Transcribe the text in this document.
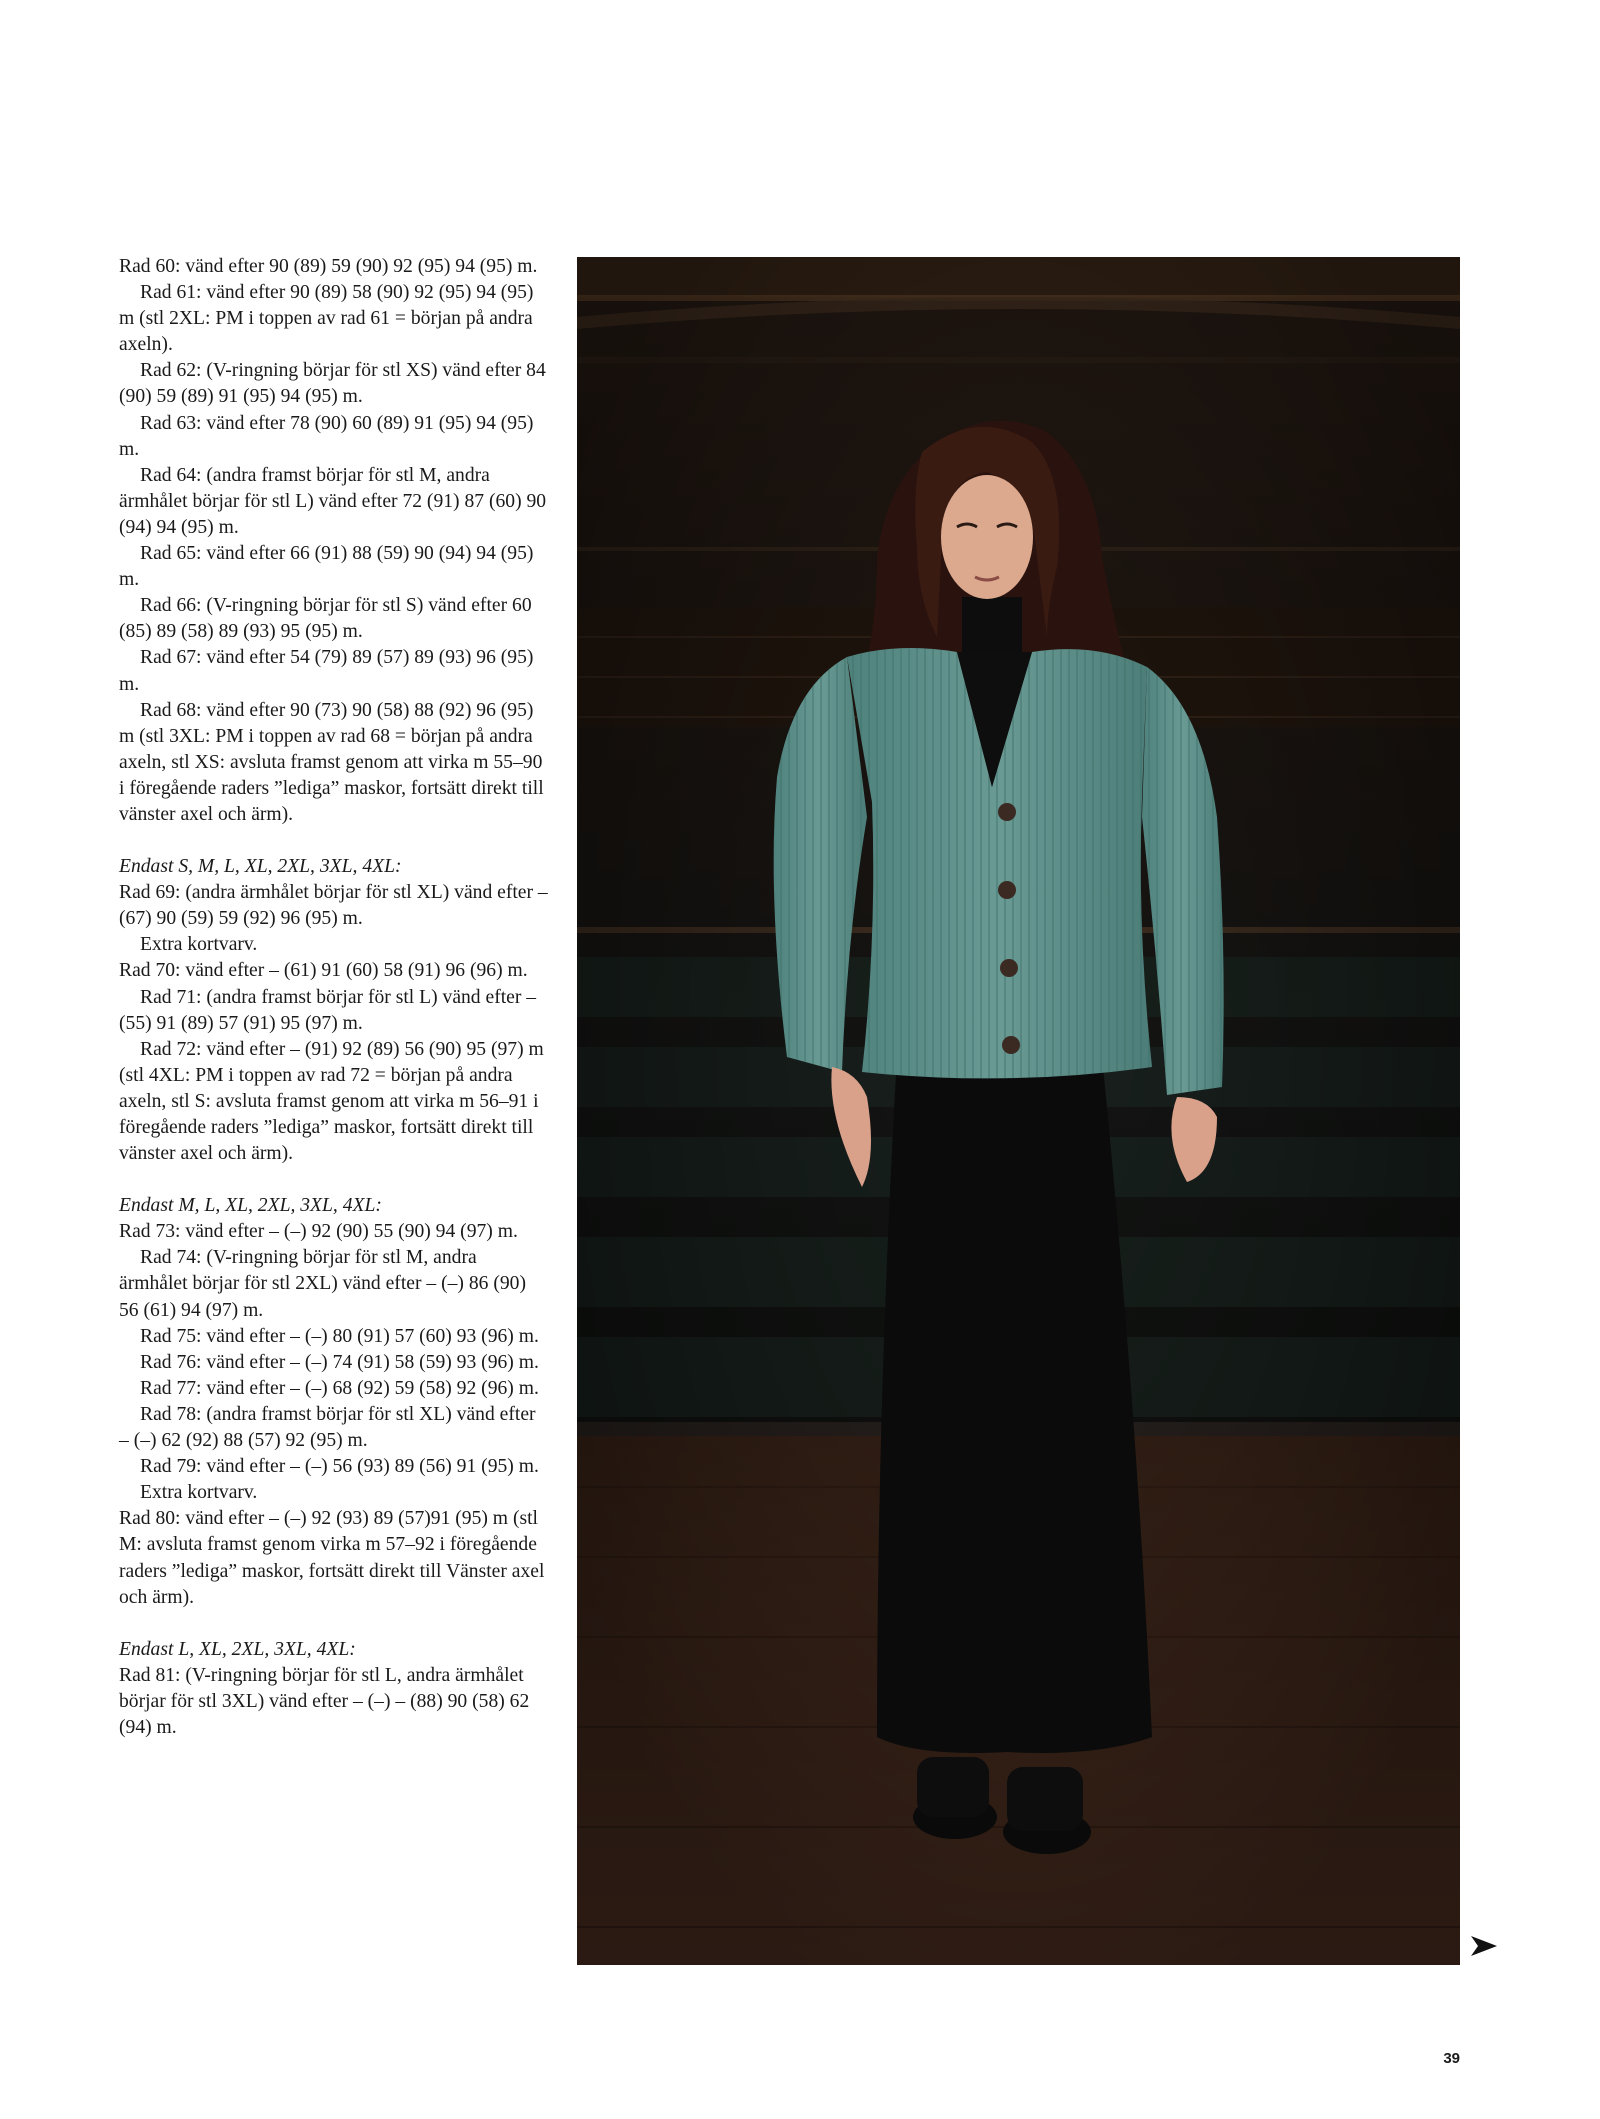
Rad 60: vänd efter 90 (89) 59 (90) 92 (95) 94 (95) m.

Rad 61: vänd efter 90 (89) 58 (90) 92 (95) 94 (95) m (stl 2XL: PM i toppen av rad 61 = början på andra axeln).

Rad 62: (V-ringning börjar för stl XS) vänd efter 84 (90) 59 (89) 91 (95) 94 (95) m.

Rad 63: vänd efter 78 (90) 60 (89) 91 (95) 94 (95) m.

Rad 64: (andra framst börjar för stl M, andra ärmhålet börjar för stl L) vänd efter 72 (91) 87 (60) 90 (94) 94 (95) m.

Rad 65: vänd efter 66 (91) 88 (59) 90 (94) 94 (95) m.

Rad 66: (V-ringning börjar för stl S) vänd efter 60 (85) 89 (58) 89 (93) 95 (95) m.

Rad 67: vänd efter 54 (79) 89 (57) 89 (93) 96 (95) m.

Rad 68: vänd efter 90 (73) 90 (58) 88 (92) 96 (95) m (stl 3XL: PM i toppen av rad 68 = början på andra axeln, stl XS: avsluta framst genom att virka m 55–90 i föregående raders ”lediga” maskor, fortsätt direkt till vänster axel och ärm).

Endast S, M, L, XL, 2XL, 3XL, 4XL:

Rad 69: (andra ärmhålet börjar för stl XL) vänd efter – (67) 90 (59) 59 (92) 96 (95) m.

Extra kortvarv.

Rad 70: vänd efter – (61) 91 (60) 58 (91) 96 (96) m.

Rad 71: (andra framst börjar för stl L) vänd efter – (55) 91 (89) 57 (91) 95 (97) m.

Rad 72: vänd efter – (91) 92 (89) 56 (90) 95 (97) m (stl 4XL: PM i toppen av rad 72 = början på andra axeln, stl S: avsluta framst genom att virka m 56–91 i föregående raders ”lediga” maskor, fortsätt direkt till vänster axel och ärm).

Endast M, L, XL, 2XL, 3XL, 4XL:

Rad 73: vänd efter – (–) 92 (90) 55 (90) 94 (97) m.

Rad 74: (V-ringning börjar för stl M, andra ärmhålet börjar för stl 2XL) vänd efter – (–) 86 (90) 56 (61) 94 (97) m.

Rad 75: vänd efter – (–) 80 (91) 57 (60) 93 (96) m.

Rad 76: vänd efter – (–) 74 (91) 58 (59) 93 (96) m.

Rad 77: vänd efter – (–) 68 (92) 59 (58) 92 (96) m.

Rad 78: (andra framst börjar för stl XL) vänd efter – (–) 62 (92) 88 (57) 92 (95) m.

Rad 79: vänd efter – (–) 56 (93) 89 (56) 91 (95) m.

Extra kortvarv.

Rad 80: vänd efter – (–) 92 (93) 89 (57)91 (95) m (stl M: avsluta framst genom virka m 57–92 i föregående raders ”lediga” maskor, fortsätt direkt till Vänster axel och ärm).

Endast L, XL, 2XL, 3XL, 4XL:

Rad 81: (V-ringning börjar för stl L, andra ärmhålet börjar för stl 3XL) vänd efter – (–) – (88) 90 (58) 62 (94) m.

39
